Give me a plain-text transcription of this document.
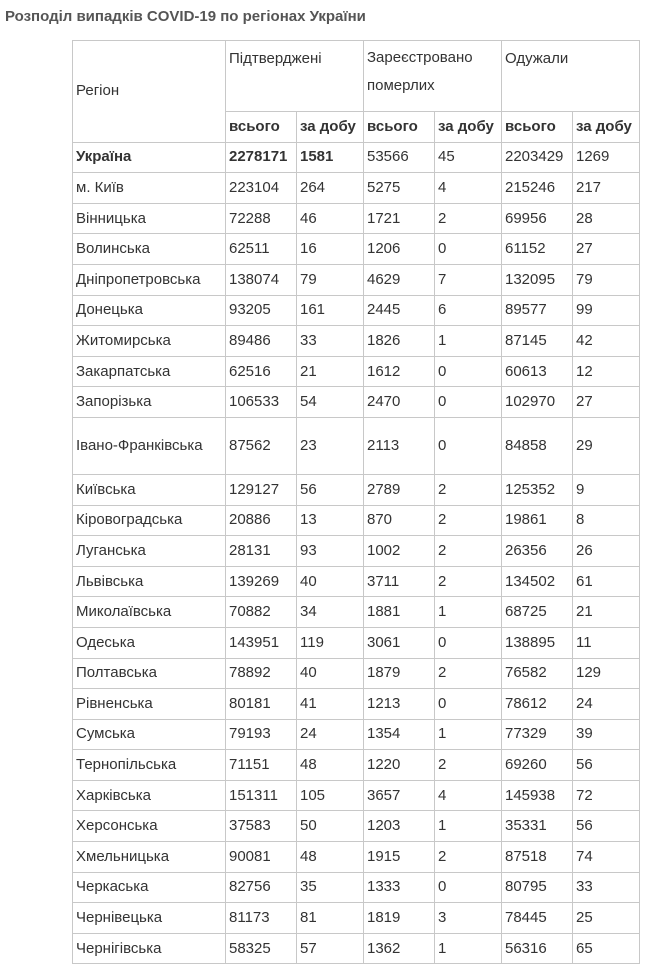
Розподіл випадків COVID-19 по регіонах України
Регіон	Підтверджені		Зареєстровано померлих		Одужали	
	всього	за добу	всього	за добу	всього	за добу
Україна	2278171	1581	53566	45	2203429	1269
м. Київ	223104	264	5275	4	215246	217
Вінницька	72288	46	1721	2	69956	28
Волинська	62511	16	1206	0	61152	27
Дніпропетровська	138074	79	4629	7	132095	79
Донецька	93205	161	2445	6	89577	99
Житомирська	89486	33	1826	1	87145	42
Закарпатська	62516	21	1612	0	60613	12
Запорізька	106533	54	2470	0	102970	27
Івано-Франківська	87562	23	2113	0	84858	29
Київська	129127	56	2789	2	125352	9
Кіровоградська	20886	13	870	2	19861	8
Луганська	28131	93	1002	2	26356	26
Львівська	139269	40	3711	2	134502	61
Миколаївська	70882	34	1881	1	68725	21
Одеська	143951	119	3061	0	138895	11
Полтавська	78892	40	1879	2	76582	129
Рівненська	80181	41	1213	0	78612	24
Сумська	79193	24	1354	1	77329	39
Тернопільська	71151	48	1220	2	69260	56
Харківська	151311	105	3657	4	145938	72
Херсонська	37583	50	1203	1	35331	56
Хмельницька	90081	48	1915	2	87518	74
Черкаська	82756	35	1333	0	80795	33
Чернівецька	81173	81	1819	3	78445	25
Чернігівська	58325	57	1362	1	56316	65
